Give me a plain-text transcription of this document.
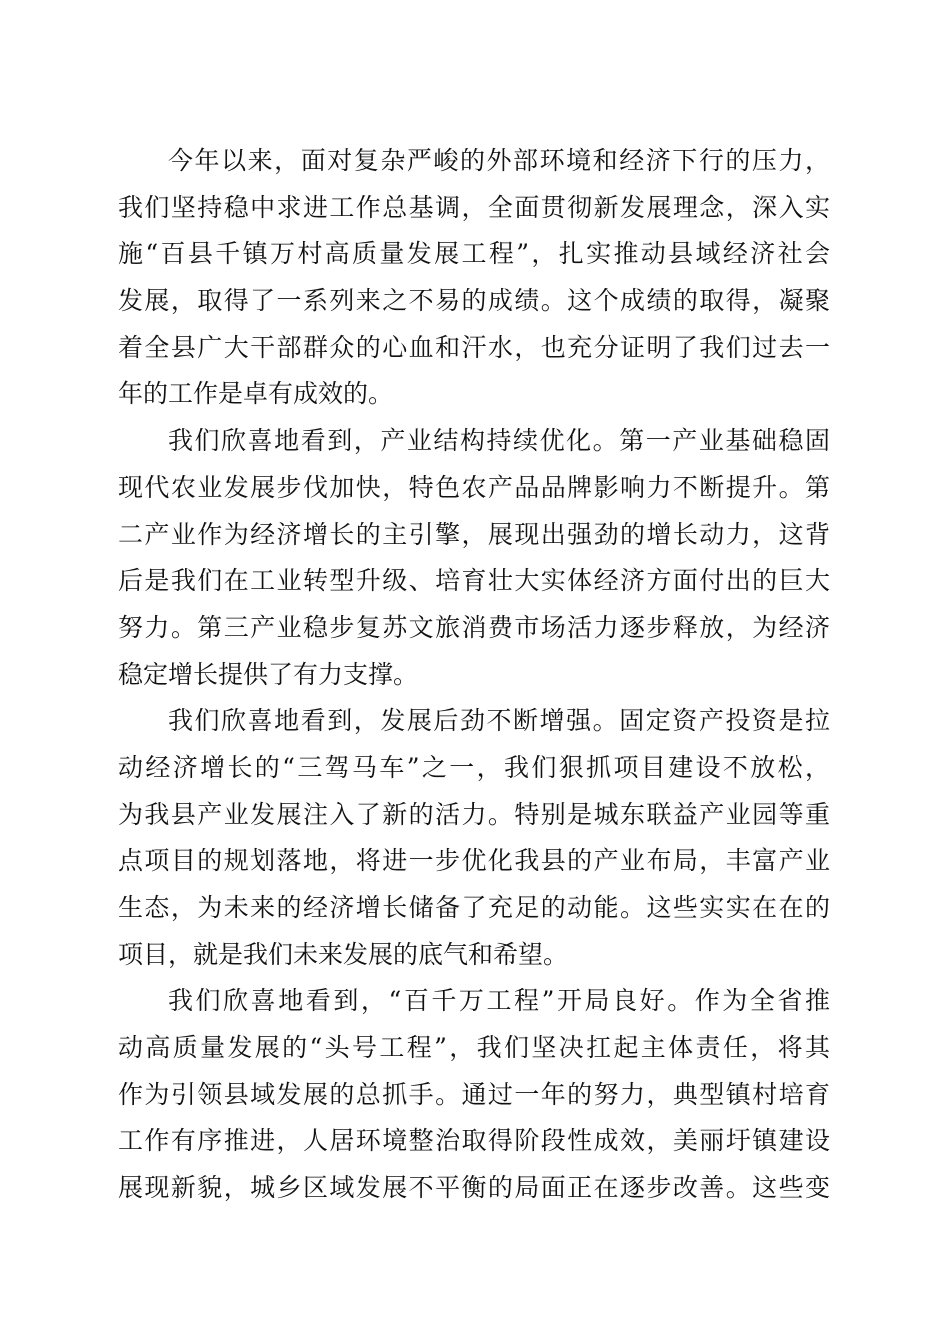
今年以来，面对复杂严峻的外部环境和经济下行的压力，
我们坚持稳中求进工作总基调，全面贯彻新发展理念，深入实
施“百县千镇万村高质量发展工程”，扎实推动县域经济社会
发展，取得了一系列来之不易的成绩。这个成绩的取得，凝聚
着全县广大干部群众的心血和汗水，也充分证明了我们过去一
年的工作是卓有成效的。
我们欣喜地看到，产业结构持续优化。第一产业基础稳固
现代农业发展步伐加快，特色农产品品牌影响力不断提升。第
二产业作为经济增长的主引擎，展现出强劲的增长动力，这背
后是我们在工业转型升级、培育壮大实体经济方面付出的巨大
努力。第三产业稳步复苏文旅消费市场活力逐步释放，为经济
稳定增长提供了有力支撑。
我们欣喜地看到，发展后劲不断增强。固定资产投资是拉
动经济增长的“三驾马车”之一，我们狠抓项目建设不放松，
为我县产业发展注入了新的活力。特别是城东联益产业园等重
点项目的规划落地，将进一步优化我县的产业布局，丰富产业
生态，为未来的经济增长储备了充足的动能。这些实实在在的
项目，就是我们未来发展的底气和希望。
我们欣喜地看到，“百千万工程”开局良好。作为全省推
动高质量发展的“头号工程”，我们坚决扛起主体责任，将其
作为引领县域发展的总抓手。通过一年的努力，典型镇村培育
工作有序推进，人居环境整治取得阶段性成效，美丽圩镇建设
展现新貌，城乡区域发展不平衡的局面正在逐步改善。这些变
